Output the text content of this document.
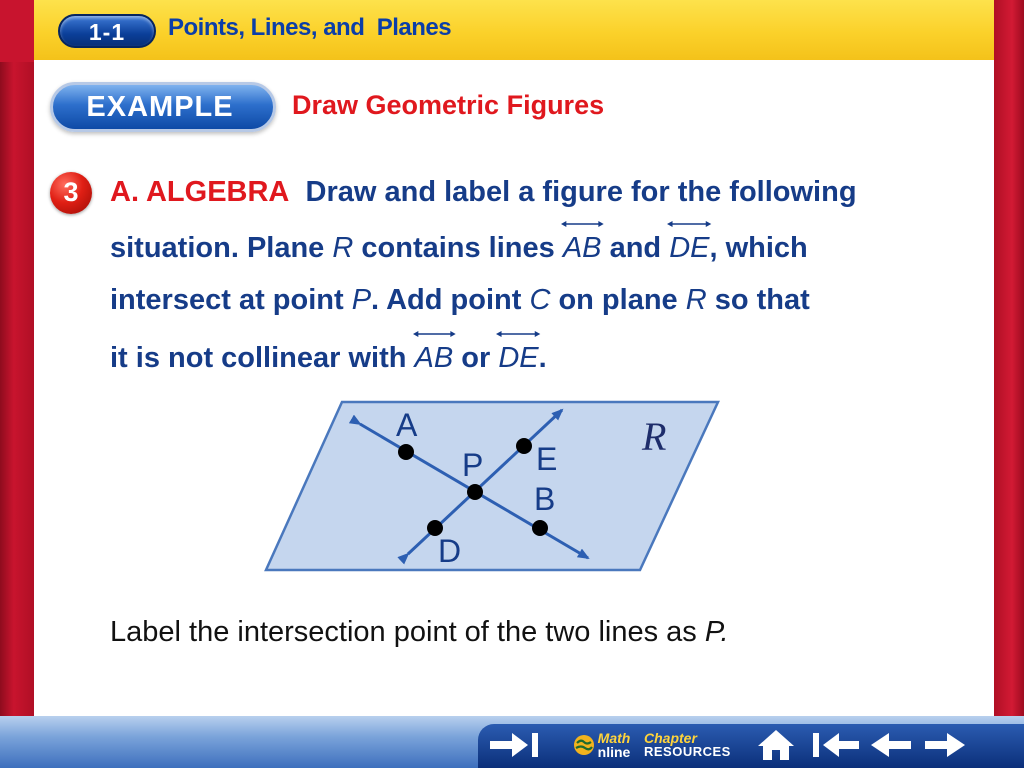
1-1	Points, Lines, and  Planes
EXAMPLE	Draw Geometric Figures
3	A. ALGEBRA Draw and label a figure for the following
situation. Plane R contains lines
AB and
DE, which
intersect at point P. Add point C on plane R so that
it is not collinear with
AB or
DE.
A
P
B
E
D
R
Label the intersection point of the two lines as P.
Math
nline
Chapter
RESOURCES
